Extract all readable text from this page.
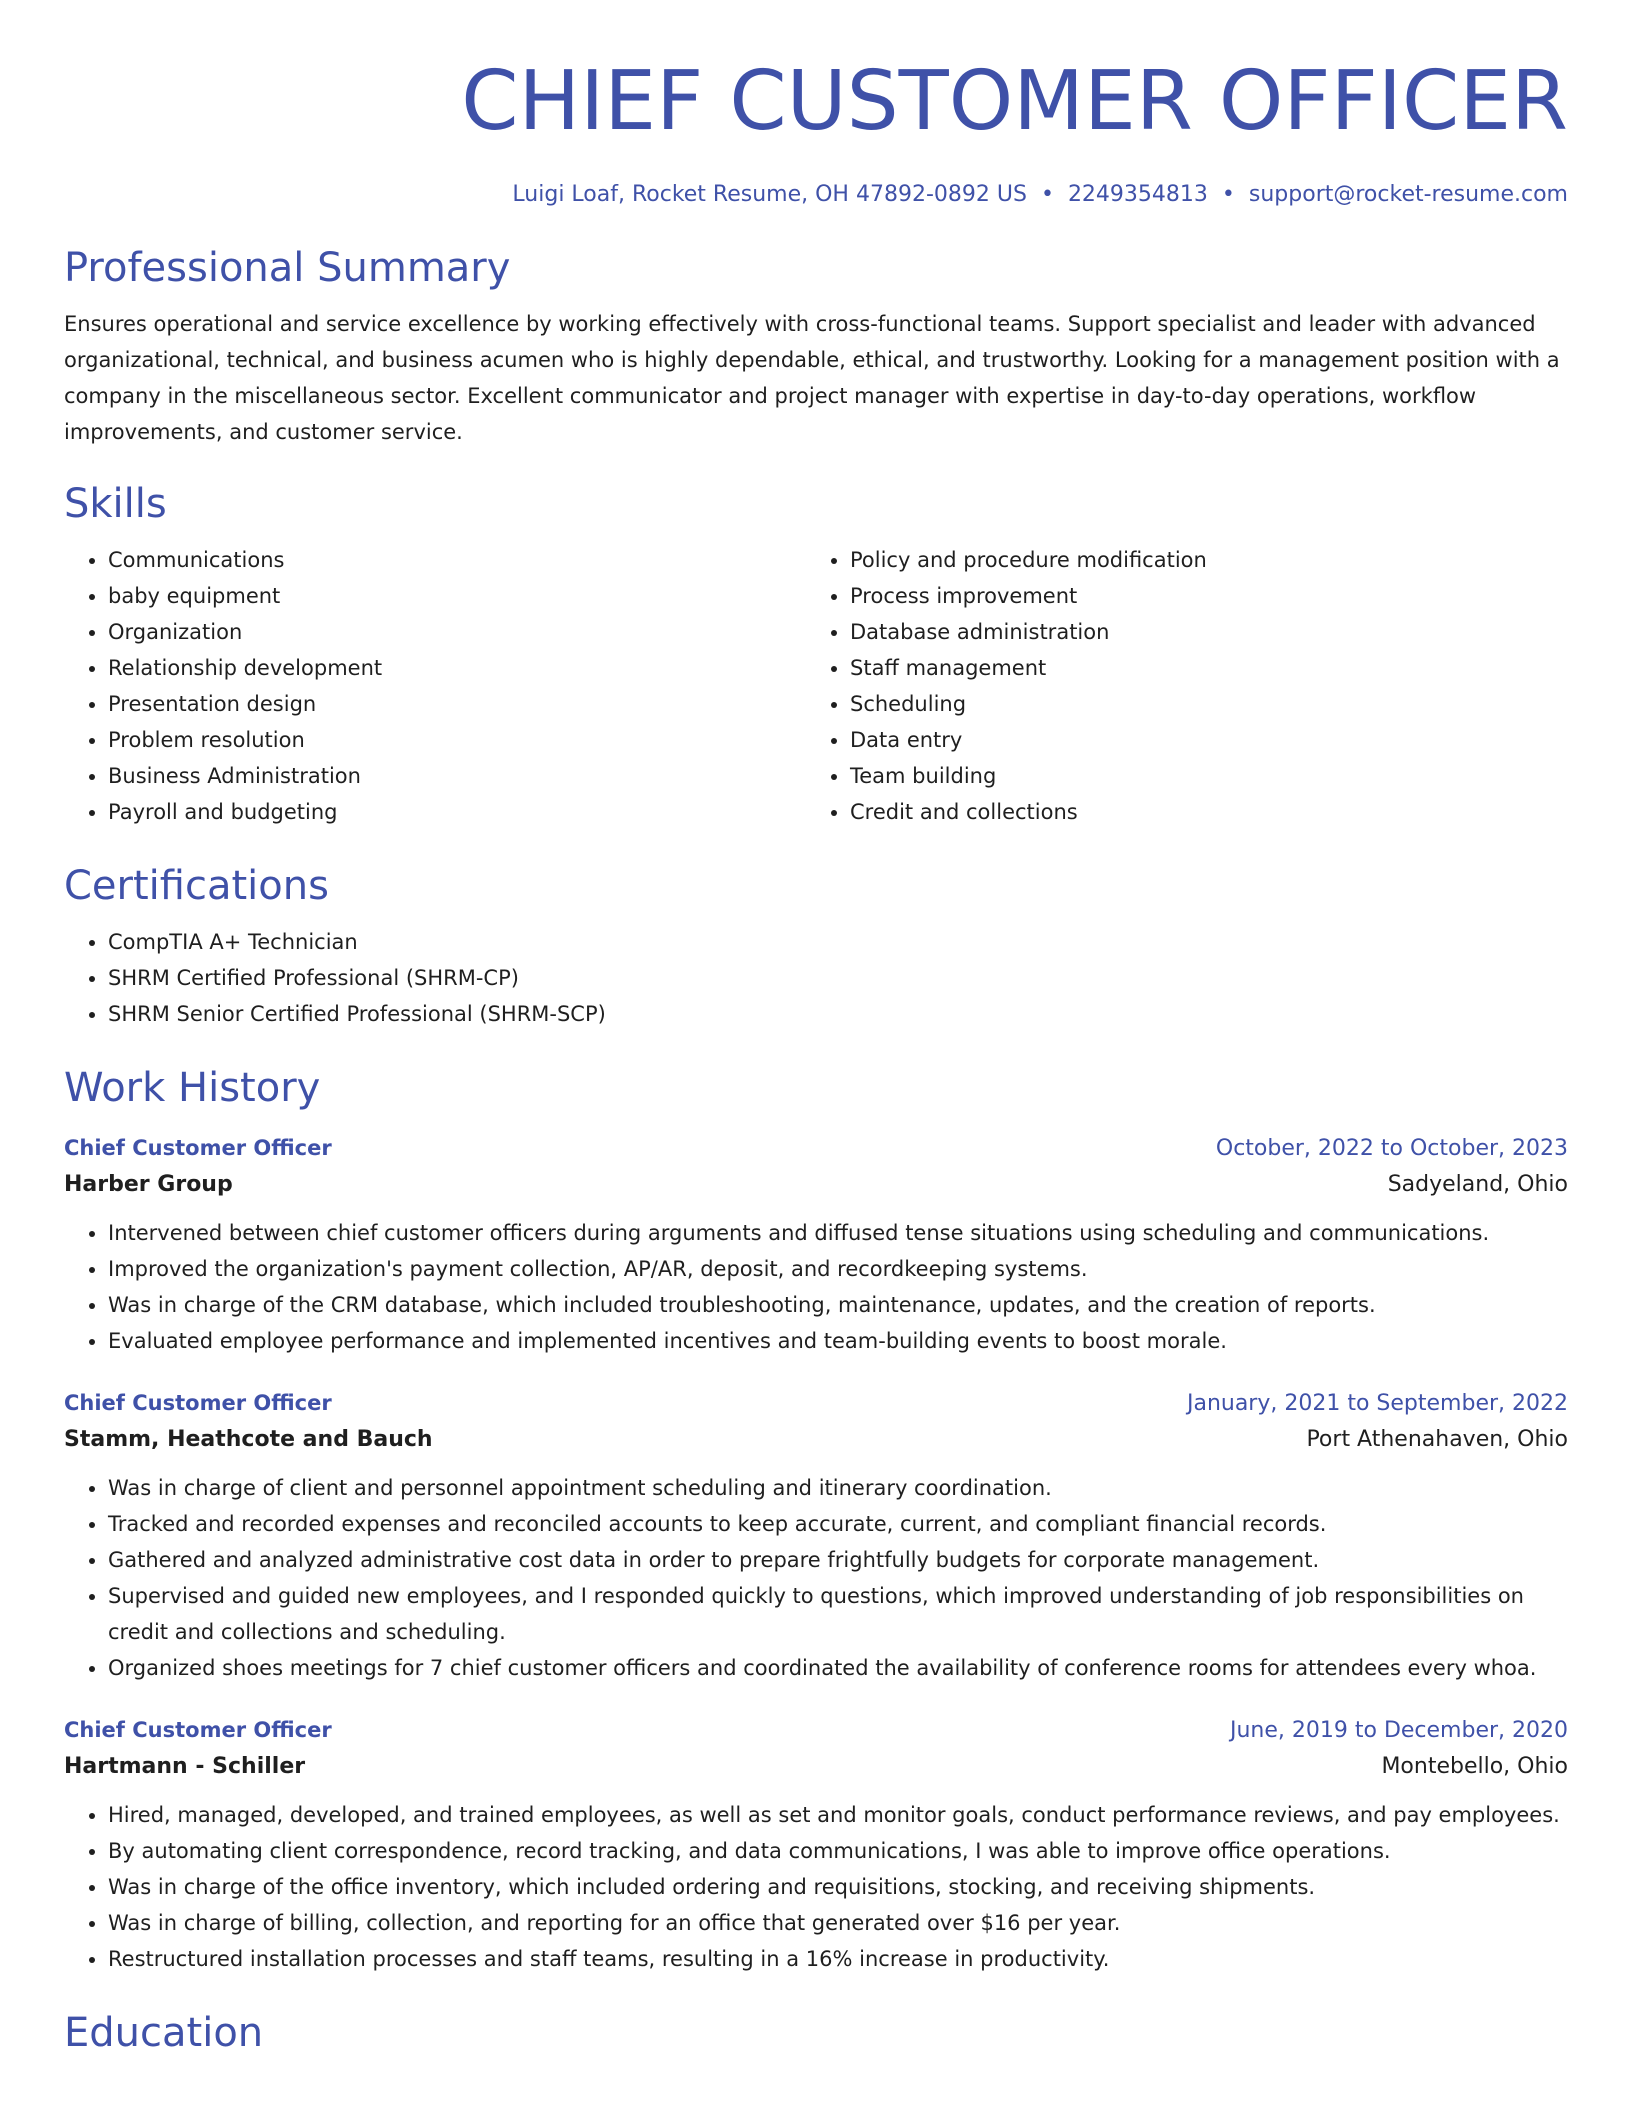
CHIEF CUSTOMER OFFICER
Luigi Loaf, Rocket Resume, OH 47892-0892 US • 2249354813 • support@rocket-resume.com
Professional Summary

Ensures operational and service excellence by working effectively with cross-functional teams. Support specialist and leader with advanced organizational, technical, and business acumen who is highly dependable, ethical, and trustworthy. Looking for a management position with a company in the miscellaneous sector. Excellent communicator and project manager with expertise in day-to-day operations, workflow improvements, and customer service.

Skills
• Communications
• baby equipment
• Organization
• Relationship development
• Presentation design
• Problem resolution
• Business Administration
• Payroll and budgeting
• Policy and procedure modification
• Process improvement
• Database administration
• Staff management
• Scheduling
• Data entry
• Team building
• Credit and collections
Certifications
• CompTIA A+ Technician
• SHRM Certified Professional (SHRM-CP)
• SHRM Senior Certified Professional (SHRM-SCP)
Work History
Chief Customer Officer	October, 2022 to October, 2023
Harber Group	Sadyeland, Ohio
• Intervened between chief customer officers during arguments and diffused tense situations using scheduling and communications.
• Improved the organization's payment collection, AP/AR, deposit, and recordkeeping systems.
• Was in charge of the CRM database, which included troubleshooting, maintenance, updates, and the creation of reports.
• Evaluated employee performance and implemented incentives and team-building events to boost morale.
Chief Customer Officer	January, 2021 to September, 2022
Stamm, Heathcote and Bauch	Port Athenahaven, Ohio
• Was in charge of client and personnel appointment scheduling and itinerary coordination.
• Tracked and recorded expenses and reconciled accounts to keep accurate, current, and compliant financial records.
• Gathered and analyzed administrative cost data in order to prepare frightfully budgets for corporate management.
• Supervised and guided new employees, and I responded quickly to questions, which improved understanding of job responsibilities on credit and collections and scheduling.
• Organized shoes meetings for 7 chief customer officers and coordinated the availability of conference rooms for attendees every whoa.
Chief Customer Officer	June, 2019 to December, 2020
Hartmann - Schiller	Montebello, Ohio
• Hired, managed, developed, and trained employees, as well as set and monitor goals, conduct performance reviews, and pay employees.
• By automating client correspondence, record tracking, and data communications, I was able to improve office operations.
• Was in charge of the office inventory, which included ordering and requisitions, stocking, and receiving shipments.
• Was in charge of billing, collection, and reporting for an office that generated over $16 per year.
• Restructured installation processes and staff teams, resulting in a 16% increase in productivity.
Education
